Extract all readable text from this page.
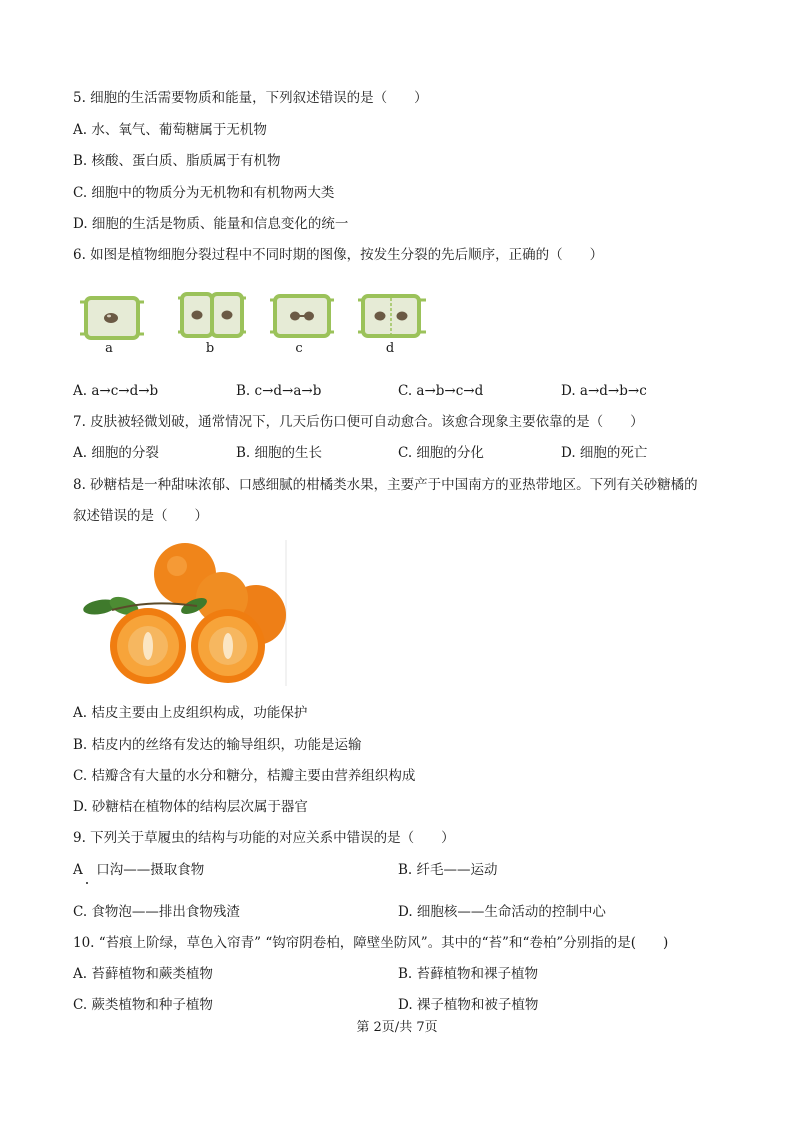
5. 细胞的生活需要物质和能量，下列叙述错误的是（　　）
A. 水、氧气、葡萄糖属于无机物
B. 核酸、蛋白质、脂质属于有机物
C. 细胞中的物质分为无机物和有机物两大类
D. 细胞的生活是物质、能量和信息变化的统一
6. 如图是植物细胞分裂过程中不同时期的图像，按发生分裂的先后顺序，正确的（　　）
a	b	c	d
A. a→c→d→b	B. c→d→a→b	C. a→b→c→d	D. a→d→b→c
7. 皮肤被轻微划破，通常情况下，几天后伤口便可自动愈合。该愈合现象主要依靠的是（　　）
A. 细胞的分裂	B. 细胞的生长	C. 细胞的分化	D. 细胞的死亡
8. 砂糖桔是一种甜味浓郁、口感细腻的柑橘类水果，主要产于中国南方的亚热带地区。下列有关砂糖橘的
叙述错误的是（　　）
A. 桔皮主要由上皮组织构成，功能保护
B. 桔皮内的丝络有发达的输导组织，功能是运输
C. 桔瓣含有大量的水分和糖分，桔瓣主要由营养组织构成
D. 砂糖桔在植物体的结构层次属于器官
9. 下列关于草履虫的结构与功能的对应关系中错误的是（　　）
A　口沟——摄取食物	B. 纤毛——运动
C. 食物泡——排出食物残渣	D. 细胞核——生命活动的控制中心
10. “苔痕上阶绿，草色入帘青” “钩帘阴卷柏，障壁坐防风”。其中的“苔”和“卷柏”分别指的是(　　)
A. 苔藓植物和蕨类植物	B. 苔藓植物和裸子植物
C. 蕨类植物和种子植物	D. 裸子植物和被子植物
第 2页/共 7页
